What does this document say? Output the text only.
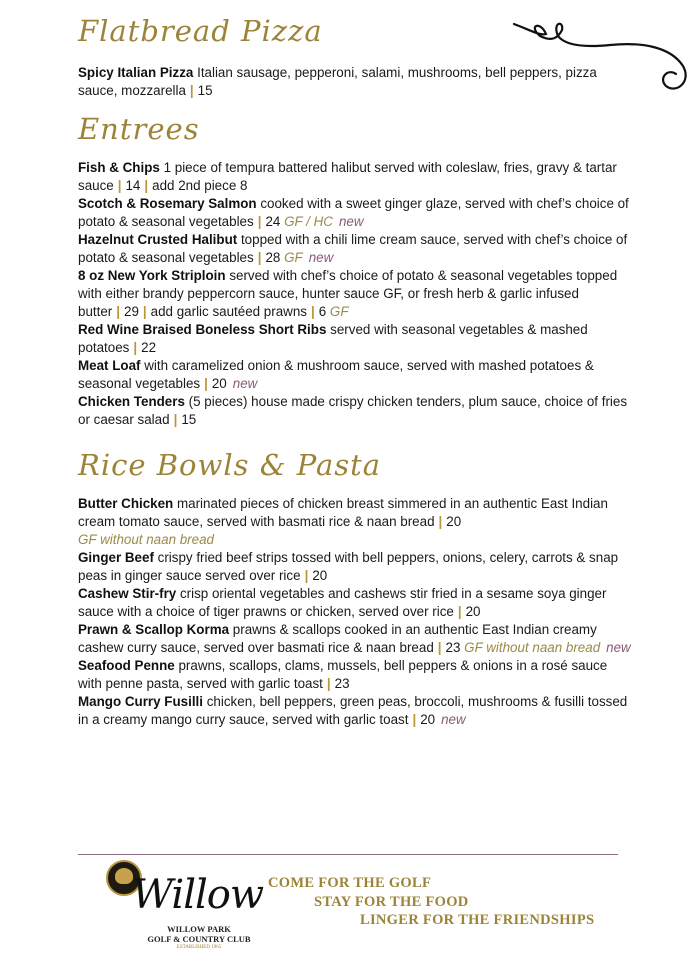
Flatbread Pizza

Spicy Italian Pizza Italian sausage, pepperoni, salami, mushrooms, bell peppers, pizza sauce, mozzarella | 15

Entrees

Fish & Chips 1 piece of tempura battered halibut served with coleslaw, fries, gravy & tartar sauce | 14 | add 2nd piece 8

Scotch & Rosemary Salmon cooked with a sweet ginger glaze, served with chef’s choice of potato & seasonal vegetables | 24 GF / HC new

Hazelnut Crusted Halibut topped with a chili lime cream sauce, served with chef’s choice of potato & seasonal vegetables | 28 GF new

8 oz New York Striploin served with chef’s choice of potato & seasonal vegetables topped with either brandy peppercorn sauce, hunter sauce GF, or fresh herb & garlic infused butter | 29 | add garlic sautéed prawns | 6 GF

Red Wine Braised Boneless Short Ribs served with seasonal vegetables & mashed potatoes | 22

Meat Loaf with caramelized onion & mushroom sauce, served with mashed potatoes & seasonal vegetables | 20 new

Chicken Tenders (5 pieces) house made crispy chicken tenders, plum sauce, choice of fries or caesar salad | 15

Rice Bowls & Pasta

Butter Chicken marinated pieces of chicken breast simmered in an authentic East Indian cream tomato sauce, served with basmati rice & naan bread | 20
GF without naan bread

Ginger Beef crispy fried beef strips tossed with bell peppers, onions, celery, carrots & snap peas in ginger sauce served over rice | 20

Cashew Stir-fry crisp oriental vegetables and cashews stir fried in a sesame soya ginger sauce with a choice of tiger prawns or chicken, served over rice | 20

Prawn & Scallop Korma prawns & scallops cooked in an authentic East Indian creamy cashew curry sauce, served over basmati rice & naan bread | 23 GF without naan bread new

Seafood Penne prawns, scallops, clams, mussels, bell peppers & onions in a rosé sauce with penne pasta, served with garlic toast | 23

Mango Curry Fusilli chicken, bell peppers, green peas, broccoli, mushrooms & fusilli tossed in a creamy mango curry sauce, served with garlic toast | 20 new

Willow
WILLOW PARK
GOLF & COUNTRY CLUB
ESTABLISHED 1965
COME FOR THE GOLF
STAY FOR THE FOOD
LINGER FOR THE FRIENDSHIPS
